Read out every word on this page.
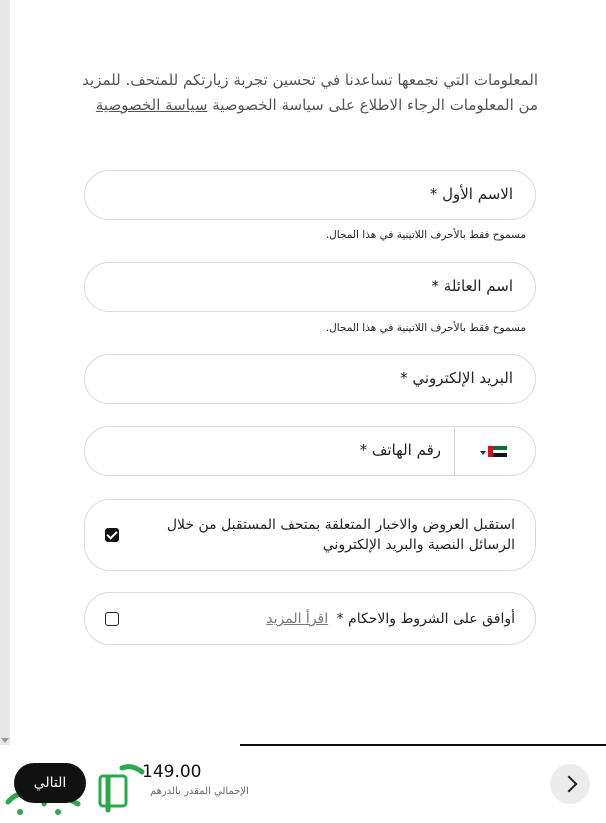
المعلومات التي نجمعها تساعدنا في تحسين تجربة زيارتكم للمتحف. للمزيد من المعلومات الرجاء الاطلاع على سياسة الخصوصية سياسة الخصوصية
الاسم الأول *
مسموح فقط بالأحرف اللاتينية في هذا المجال.
اسم العائلة *
مسموح فقط بالأحرف اللاتينية في هذا المجال.
البريد الإلكتروني *
رقم الهاتف *
استقبل العروض والاخبار المتعلقة بمتحف المستقبل من خلال الرسائل النصية والبريد الإلكتروني
أوافق على الشروط والاحكام * اقرأ المزيد
149.00
الإجمالي المقدر بالدرهم
التالي
